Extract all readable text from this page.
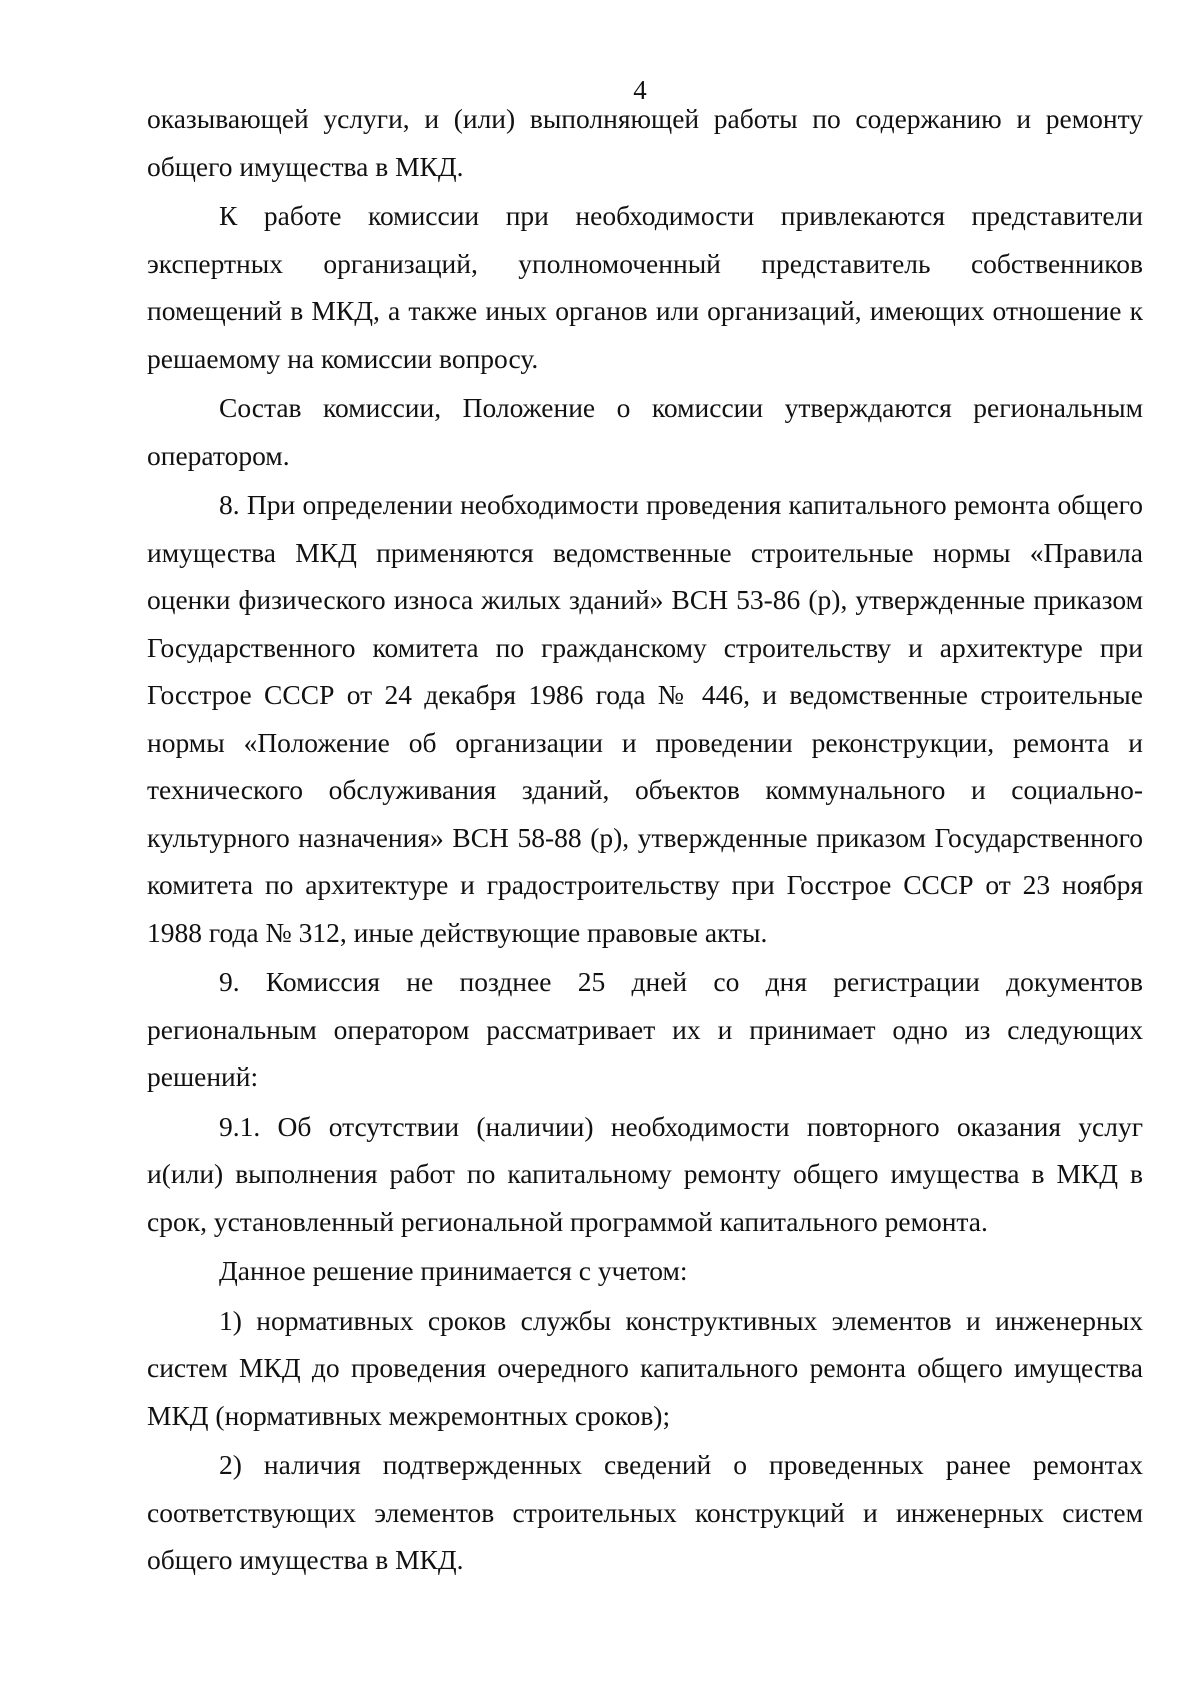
4

оказывающей услуги, и (или) выполняющей работы по содержанию и ремонту общего имущества в МКД.

К работе комиссии при необходимости привлекаются представители экспертных организаций, уполномоченный представитель собственников помещений в МКД, а также иных органов или организаций, имеющих отношение к решаемому на комиссии вопросу.

Состав комиссии, Положение о комиссии утверждаются региональным оператором.

8. При определении необходимости проведения капитального ремонта общего имущества МКД применяются ведомственные строительные нормы «Правила оценки физического износа жилых зданий» ВСН 53-86 (р), утвержденные приказом Государственного комитета по гражданскому строительству и архитектуре при Госстрое СССР от 24 декабря 1986 года № 446, и ведомственные строительные нормы «Положение об организации и проведении реконструкции, ремонта и технического обслуживания зданий, объектов коммунального и социально-культурного назначения» ВСН 58-88 (р), утвержденные приказом Государственного комитета по архитектуре и градостроительству при Госстрое СССР от 23 ноября 1988 года № 312, иные действующие правовые акты.

9. Комиссия не позднее 25 дней со дня регистрации документов региональным оператором рассматривает их и принимает одно из следующих решений:

9.1. Об отсутствии (наличии) необходимости повторного оказания услуг и(или) выполнения работ по капитальному ремонту общего имущества в МКД в срок, установленный региональной программой капитального ремонта.

Данное решение принимается с учетом:

1) нормативных сроков службы конструктивных элементов и инженерных систем МКД до проведения очередного капитального ремонта общего имущества МКД (нормативных межремонтных сроков);

2) наличия подтвержденных сведений о проведенных ранее ремонтах соответствующих элементов строительных конструкций и инженерных систем общего имущества в МКД.
